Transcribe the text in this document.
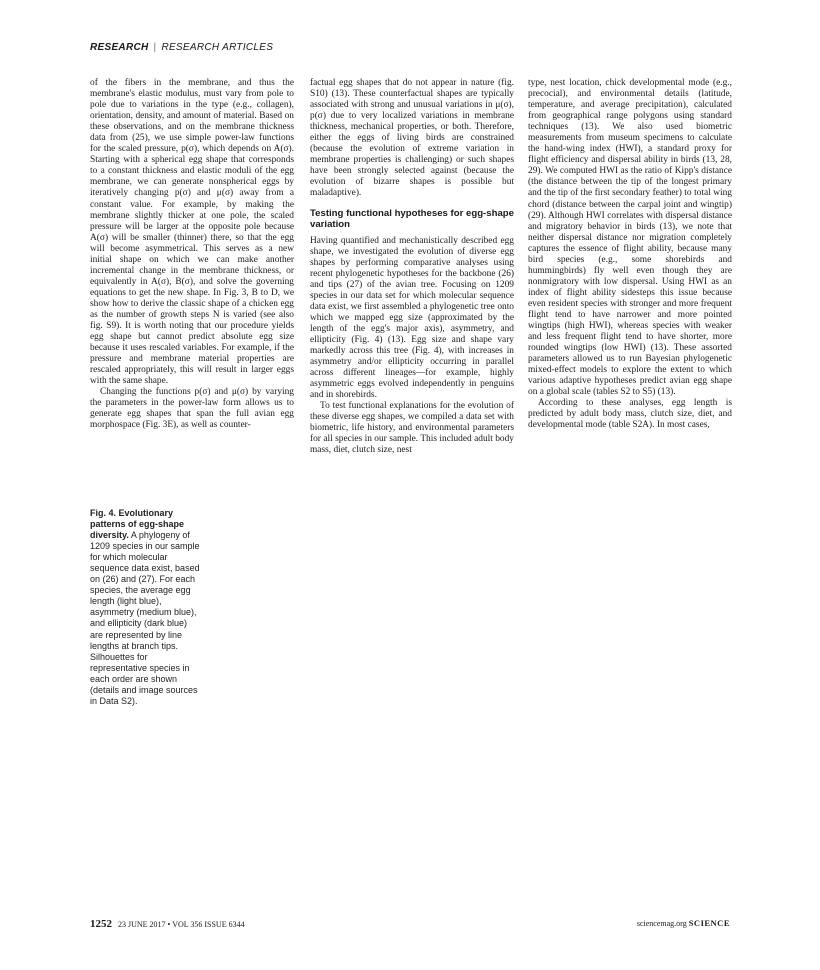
RESEARCH | RESEARCH ARTICLES

of the fibers in the membrane, and thus the membrane's elastic modulus, must vary from pole to pole due to variations in the type (e.g., collagen), orientation, density, and amount of material. Based on these observations, and on the membrane thickness data from (25), we use simple power-law functions for the scaled pressure, p(σ), which depends on A(σ). Starting with a spherical egg shape that corresponds to a constant thickness and elastic moduli of the egg membrane, we can generate nonspherical eggs by iteratively changing p(σ) and μ(σ) away from a constant value. For example, by making the membrane slightly thicker at one pole, the scaled pressure will be larger at the opposite pole because A(σ) will be smaller (thinner) there, so that the egg will become asymmetrical. This serves as a new initial shape on which we can make another incremental change in the membrane thickness, or equivalently in A(σ), B(σ), and solve the governing equations to get the new shape. In Fig. 3, B to D, we show how to derive the classic shape of a chicken egg as the number of growth steps N is varied (see also fig. S9). It is worth noting that our procedure yields egg shape but cannot predict absolute egg size because it uses rescaled variables. For example, if the pressure and membrane material properties are rescaled appropriately, this will result in larger eggs with the same shape.

Changing the functions p(σ) and μ(σ) by varying the parameters in the power-law form allows us to generate egg shapes that span the full avian egg morphospace (Fig. 3E), as well as counter-

factual egg shapes that do not appear in nature (fig. S10) (13). These counterfactual shapes are typically associated with strong and unusual variations in μ(σ), p(σ) due to very localized variations in membrane thickness, mechanical properties, or both. Therefore, either the eggs of living birds are constrained (because the evolution of extreme variation in membrane properties is challenging) or such shapes have been strongly selected against (because the evolution of bizarre shapes is possible but maladaptive).

Testing functional hypotheses for egg-shape variation

Having quantified and mechanistically described egg shape, we investigated the evolution of diverse egg shapes by performing comparative analyses using recent phylogenetic hypotheses for the backbone (26) and tips (27) of the avian tree. Focusing on 1209 species in our data set for which molecular sequence data exist, we first assembled a phylogenetic tree onto which we mapped egg size (approximated by the length of the egg's major axis), asymmetry, and ellipticity (Fig. 4) (13). Egg size and shape vary markedly across this tree (Fig. 4), with increases in asymmetry and/or ellipticity occurring in parallel across different lineages—for example, highly asymmetric eggs evolved independently in penguins and in shorebirds.

To test functional explanations for the evolution of these diverse egg shapes, we compiled a data set with biometric, life history, and environmental parameters for all species in our sample. This included adult body mass, diet, clutch size, nest

type, nest location, chick developmental mode (e.g., precocial), and environmental details (latitude, temperature, and average precipitation), calculated from geographical range polygons using standard techniques (13). We also used biometric measurements from museum specimens to calculate the hand-wing index (HWI), a standard proxy for flight efficiency and dispersal ability in birds (13, 28, 29). We computed HWI as the ratio of Kipp's distance (the distance between the tip of the longest primary and the tip of the first secondary feather) to total wing chord (distance between the carpal joint and wingtip) (29). Although HWI correlates with dispersal distance and migratory behavior in birds (13), we note that neither dispersal distance nor migration completely captures the essence of flight ability, because many bird species (e.g., some shorebirds and hummingbirds) fly well even though they are nonmigratory with low dispersal. Using HWI as an index of flight ability sidesteps this issue because even resident species with stronger and more frequent flight tend to have narrower and more pointed wingtips (high HWI), whereas species with weaker and less frequent flight tend to have shorter, more rounded wingtips (low HWI) (13). These assorted parameters allowed us to run Bayesian phylogenetic mixed-effect models to explore the extent to which various adaptive hypotheses predict avian egg shape on a global scale (tables S2 to S5) (13).

According to these analyses, egg length is predicted by adult body mass, clutch size, diet, and developmental mode (table S2A). In most cases,

Fig. 4. Evolutionary patterns of egg-shape diversity. A phylogeny of 1209 species in our sample for which molecular sequence data exist, based on (26) and (27). For each species, the average egg length (light blue), asymmetry (medium blue), and ellipticity (dark blue) are represented by line lengths at branch tips. Silhouettes for representative species in each order are shown (details and image sources in Data S2).
1252 23 JUNE 2017 • VOL 356 ISSUE 6344	sciencemag.org SCIENCE
